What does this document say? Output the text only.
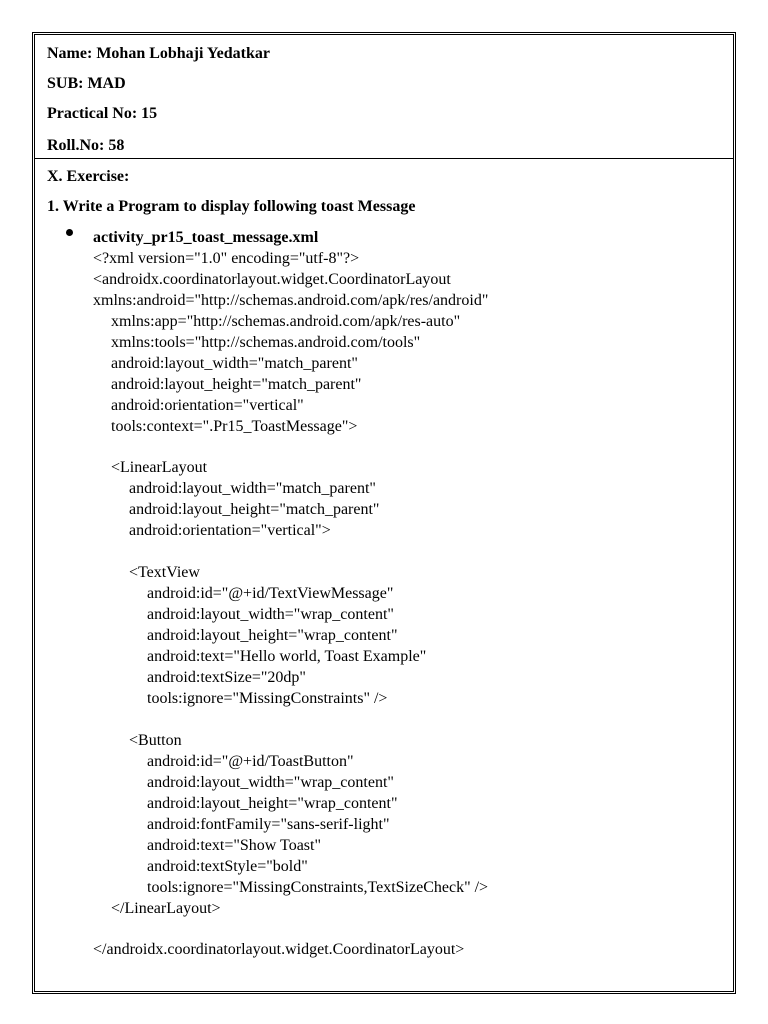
Name: Mohan Lobhaji Yedatkar
SUB: MAD
Practical No: 15
Roll.No: 58
X. Exercise:
1. Write a Program to display following toast Message
activity_pr15_toast_message.xml
<?xml version="1.0" encoding="utf-8"?>
<androidx.coordinatorlayout.widget.CoordinatorLayout
xmlns:android="http://schemas.android.com/apk/res/android"
xmlns:app="http://schemas.android.com/apk/res-auto"
xmlns:tools="http://schemas.android.com/tools"
android:layout_width="match_parent"
android:layout_height="match_parent"
android:orientation="vertical"
tools:context=".Pr15_ToastMessage">
<LinearLayout
android:layout_width="match_parent"
android:layout_height="match_parent"
android:orientation="vertical">
<TextView
android:id="@+id/TextViewMessage"
android:layout_width="wrap_content"
android:layout_height="wrap_content"
android:text="Hello world, Toast Example"
android:textSize="20dp"
tools:ignore="MissingConstraints" />
<Button
android:id="@+id/ToastButton"
android:layout_width="wrap_content"
android:layout_height="wrap_content"
android:fontFamily="sans-serif-light"
android:text="Show Toast"
android:textStyle="bold"
tools:ignore="MissingConstraints,TextSizeCheck" />
</LinearLayout>
</androidx.coordinatorlayout.widget.CoordinatorLayout>
